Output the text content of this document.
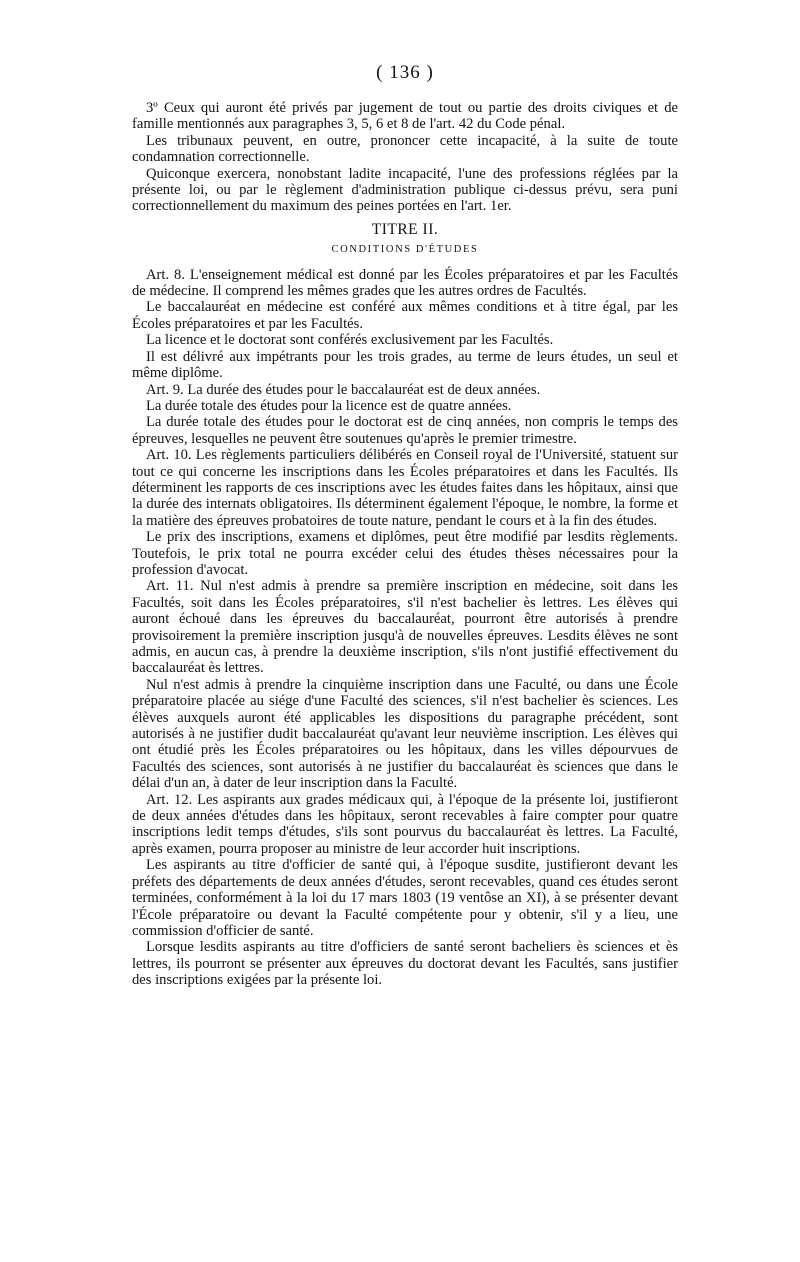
( 136 )

3º Ceux qui auront été privés par jugement de tout ou partie des droits civiques et de famille mentionnés aux paragraphes 3, 5, 6 et 8 de l'art. 42 du Code pénal.

Les tribunaux peuvent, en outre, prononcer cette incapacité, à la suite de toute condamnation correctionnelle.

Quiconque exercera, nonobstant ladite incapacité, l'une des professions réglées par la présente loi, ou par le règlement d'administration publique ci-dessus prévu, sera puni correctionnellement du maximum des peines portées en l'art. 1er.

TITRE II.
CONDITIONS D'ÉTUDES

Art. 8. L'enseignement médical est donné par les Écoles préparatoires et par les Facultés de médecine. Il comprend les mêmes grades que les autres ordres de Facultés.

Le baccalauréat en médecine est conféré aux mêmes conditions et à titre égal, par les Écoles préparatoires et par les Facultés.

La licence et le doctorat sont conférés exclusivement par les Facultés.

Il est délivré aux impétrants pour les trois grades, au terme de leurs études, un seul et même diplôme.

Art. 9. La durée des études pour le baccalauréat est de deux années.

La durée totale des études pour la licence est de quatre années.

La durée totale des études pour le doctorat est de cinq années, non compris le temps des épreuves, lesquelles ne peuvent être soutenues qu'après le premier trimestre.

Art. 10. Les règlements particuliers délibérés en Conseil royal de l'Université, statuent sur tout ce qui concerne les inscriptions dans les Écoles préparatoires et dans les Facultés. Ils déterminent les rapports de ces inscriptions avec les études faites dans les hôpitaux, ainsi que la durée des internats obligatoires. Ils déterminent également l'époque, le nombre, la forme et la matière des épreuves probatoires de toute nature, pendant le cours et à la fin des études.

Le prix des inscriptions, examens et diplômes, peut être modifié par lesdits règlements. Toutefois, le prix total ne pourra excéder celui des études thèses nécessaires pour la profession d'avocat.

Art. 11. Nul n'est admis à prendre sa première inscription en médecine, soit dans les Facultés, soit dans les Écoles préparatoires, s'il n'est bachelier ès lettres. Les élèves qui auront échoué dans les épreuves du baccalauréat, pourront être autorisés à prendre provisoirement la première inscription jusqu'à de nouvelles épreuves. Lesdits élèves ne sont admis, en aucun cas, à prendre la deuxième inscription, s'ils n'ont justifié effectivement du baccalauréat ès lettres.

Nul n'est admis à prendre la cinquième inscription dans une Faculté, ou dans une École préparatoire placée au siége d'une Faculté des sciences, s'il n'est bachelier ès sciences. Les élèves auxquels auront été applicables les dispositions du paragraphe précédent, sont autorisés à ne justifier dudit baccalauréat qu'avant leur neuvième inscription. Les élèves qui ont étudié près les Écoles préparatoires ou les hôpitaux, dans les villes dépourvues de Facultés des sciences, sont autorisés à ne justifier du baccalauréat ès sciences que dans le délai d'un an, à dater de leur inscription dans la Faculté.

Art. 12. Les aspirants aux grades médicaux qui, à l'époque de la présente loi, justifieront de deux années d'études dans les hôpitaux, seront recevables à faire compter pour quatre inscriptions ledit temps d'études, s'ils sont pourvus du baccalauréat ès lettres. La Faculté, après examen, pourra proposer au ministre de leur accorder huit inscriptions.

Les aspirants au titre d'officier de santé qui, à l'époque susdite, justifieront devant les préfets des départements de deux années d'études, seront recevables, quand ces études seront terminées, conformément à la loi du 17 mars 1803 (19 ventôse an XI), à se présenter devant l'École préparatoire ou devant la Faculté compétente pour y obtenir, s'il y a lieu, une commission d'officier de santé.

Lorsque lesdits aspirants au titre d'officiers de santé seront bacheliers ès sciences et ès lettres, ils pourront se présenter aux épreuves du doctorat devant les Facultés, sans justifier des inscriptions exigées par la présente loi.
